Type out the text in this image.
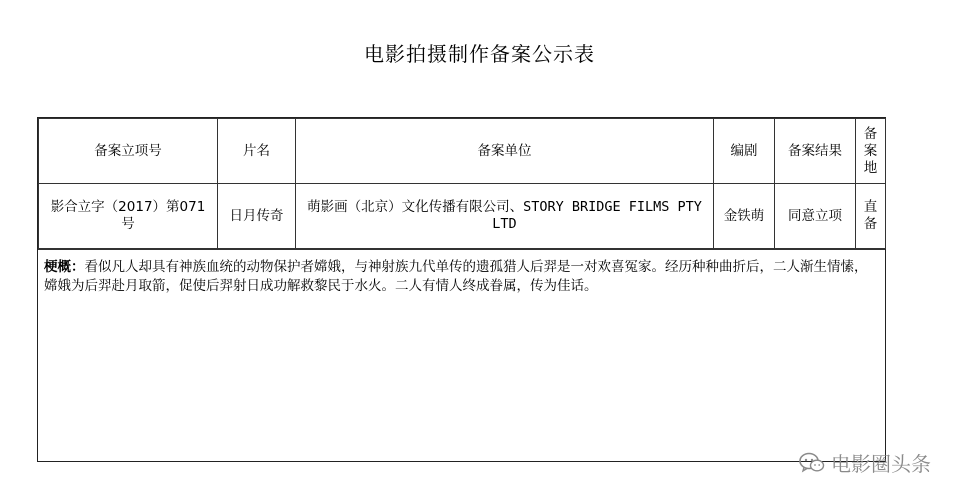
电影拍摄制作备案公示表
备案立项号	片名	备案单位	编剧	备案结果	备案地
影合立字（2017）第071号	日月传奇	萌影画（北京）文化传播有限公司、STORY BRIDGE FILMS PTY LTD	金铁萌	同意立项	直备
梗概：看似凡人却具有神族血统的动物保护者嫦娥，与神射族九代单传的遗孤猎人后羿是一对欢喜冤家。经历种种曲折后，二人渐生情愫，嫦娥为后羿赴月取箭，促使后羿射日成功解救黎民于水火。二人有情人终成眷属，传为佳话。
电影圈头条
